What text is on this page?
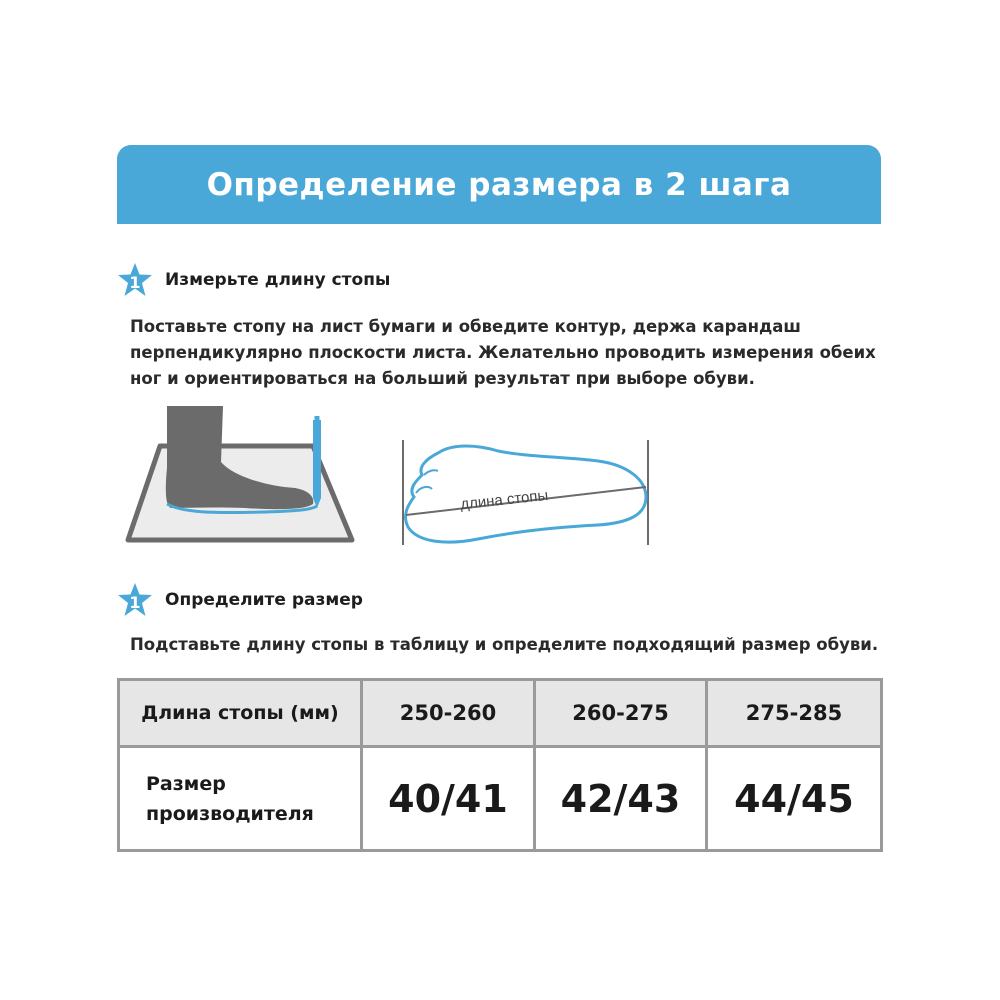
Определение размера в 2 шага
1	Измерьте длину стопы
Поставьте стопу на лист бумаги и обведите контур, держа карандаш перпендикулярно плоскости листа. Желательно проводить измерения обеих ног и ориентироваться на больший результат при выборе обуви.
длина стопы
1	Определите размер
Подставьте длину стопы в таблицу и определите подходящий размер обуви.
Длина стопы (мм)	250-260	260-275	275-285
Размер производителя	40/41	42/43	44/45
